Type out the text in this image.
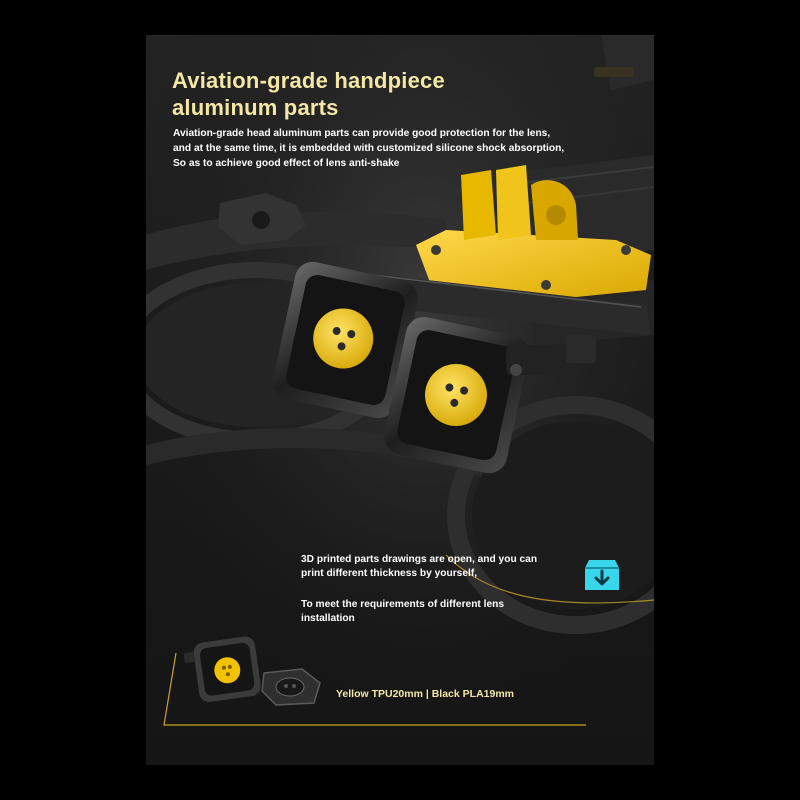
Aviation-grade handpiece
aluminum parts

Aviation-grade head aluminum parts can provide good protection for the lens,
and at the same time, it is embedded with customized silicone shock absorption,
So as to achieve good effect of lens anti-shake

3D printed parts drawings are open, and you can

print different thickness by yourself,

To meet the requirements of different lens

installation

Yellow TPU20mm | Black PLA19mm
